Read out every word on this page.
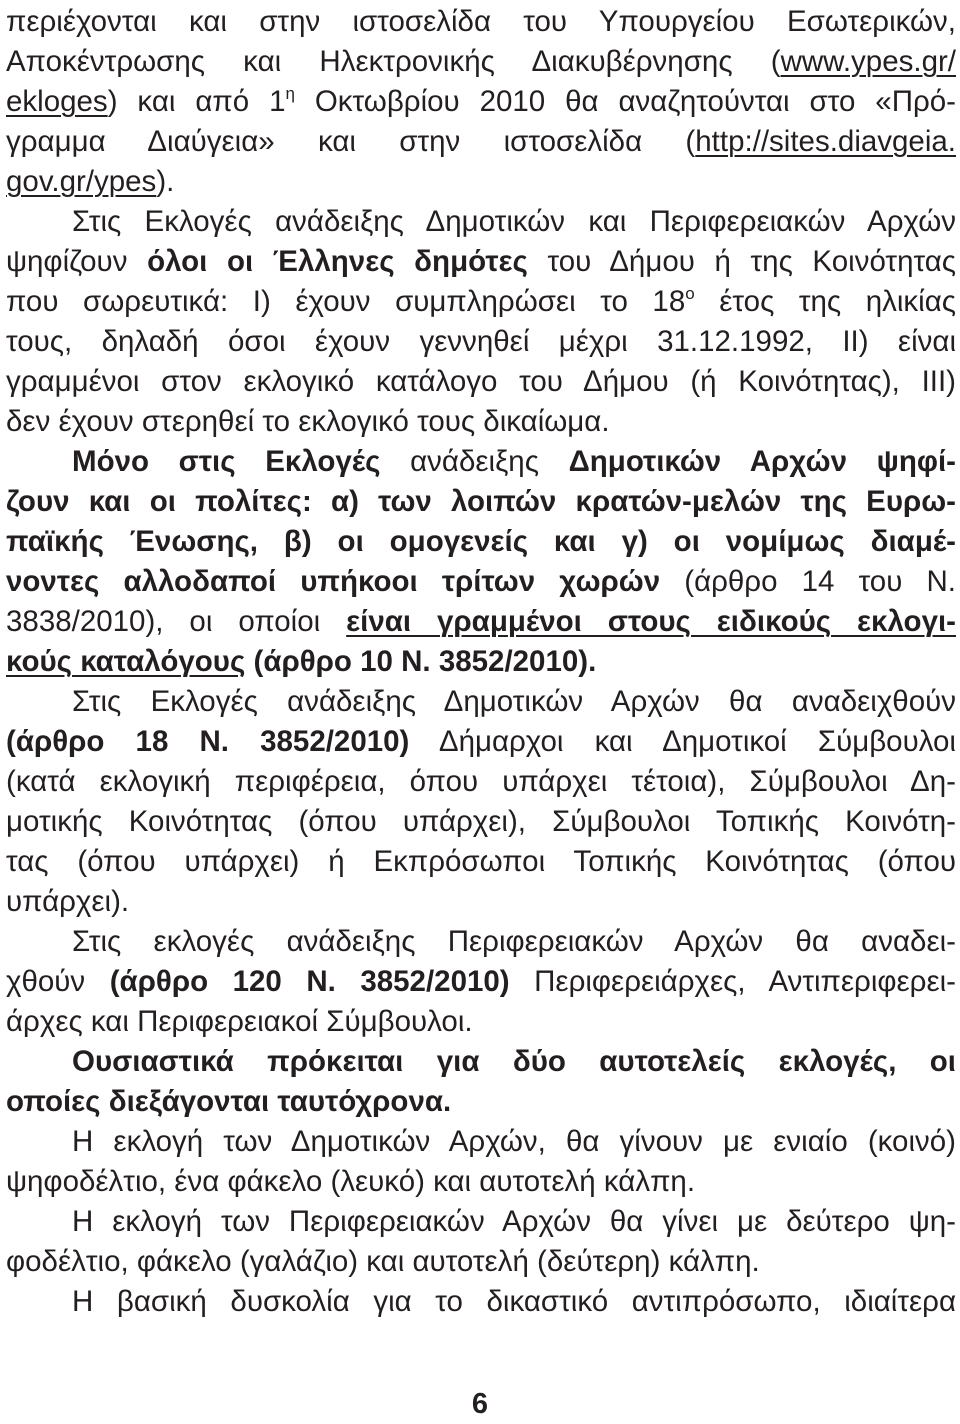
περιέχονται και στην ιστοσελίδα του Υπουργείου Εσωτερικών,
Αποκέντρωσης και Ηλεκτρονικής Διακυβέρνησης (www.ypes.gr/
ekloges) και από $1^\eta$ Οκτωβρίου 2010 θα αναζητούνται στο «Πρό-
γραμμα Διαύγεια» και στην ιστοσελίδα (http://sites.diavgeia.
gov.gr/ypes).
Στις Εκλογές ανάδειξης Δημοτικών και Περιφερειακών Αρχών
ψηφίζουν όλοι οι Έλληνες δημότες του Δήμου ή της Κοινότητας
που σωρευτικά: Ι) έχουν συμπληρώσει το $18^o$ έτος της ηλικίας
τους, δηλαδή όσοι έχουν γεννηθεί μέχρι 31.12.1992, ΙΙ) είναι
γραμμένοι στον εκλογικό κατάλογο του Δήμου (ή Κοινότητας), ΙΙΙ)
δεν έχουν στερηθεί το εκλογικό τους δικαίωμα.
Μόνο στις Εκλογές ανάδειξης Δημοτικών Αρχών ψηφί-
ζουν και οι πολίτες: α) των λοιπών κρατών-μελών της Ευρω-
παϊκής Ένωσης, β) οι ομογενείς και γ) οι νομίμως διαμέ-
νοντες αλλοδαποί υπήκοοι τρίτων χωρών (άρθρο 14 του Ν.
3838/2010), οι οποίοι είναι γραμμένοι στους ειδικούς εκλογι-
κούς καταλόγους (άρθρο 10 Ν. 3852/2010).
Στις Εκλογές ανάδειξης Δημοτικών Αρχών θα αναδειχθούν
(άρθρο 18 Ν. 3852/2010) Δήμαρχοι και Δημοτικοί Σύμβουλοι
(κατά εκλογική περιφέρεια, όπου υπάρχει τέτοια), Σύμβουλοι Δη-
μοτικής Κοινότητας (όπου υπάρχει), Σύμβουλοι Τοπικής Κοινότη-
τας (όπου υπάρχει) ή Εκπρόσωποι Τοπικής Κοινότητας (όπου
υπάρχει).
Στις εκλογές ανάδειξης Περιφερειακών Αρχών θα αναδει-
χθούν (άρθρο 120 Ν. 3852/2010) Περιφερειάρχες, Αντιπεριφερει-
άρχες και Περιφερειακοί Σύμβουλοι.
Ουσιαστικά πρόκειται για δύο αυτοτελείς εκλογές, οι
οποίες διεξάγονται ταυτόχρονα.
Η εκλογή των Δημοτικών Αρχών, θα γίνουν με ενιαίο (κοινό)
ψηφοδέλτιο, ένα φάκελο (λευκό) και αυτοτελή κάλπη.
Η εκλογή των Περιφερειακών Αρχών θα γίνει με δεύτερο ψη-
φοδέλτιο, φάκελο (γαλάζιο) και αυτοτελή (δεύτερη) κάλπη.
Η βασική δυσκολία για το δικαστικό αντιπρόσωπο, ιδιαίτερα
6
